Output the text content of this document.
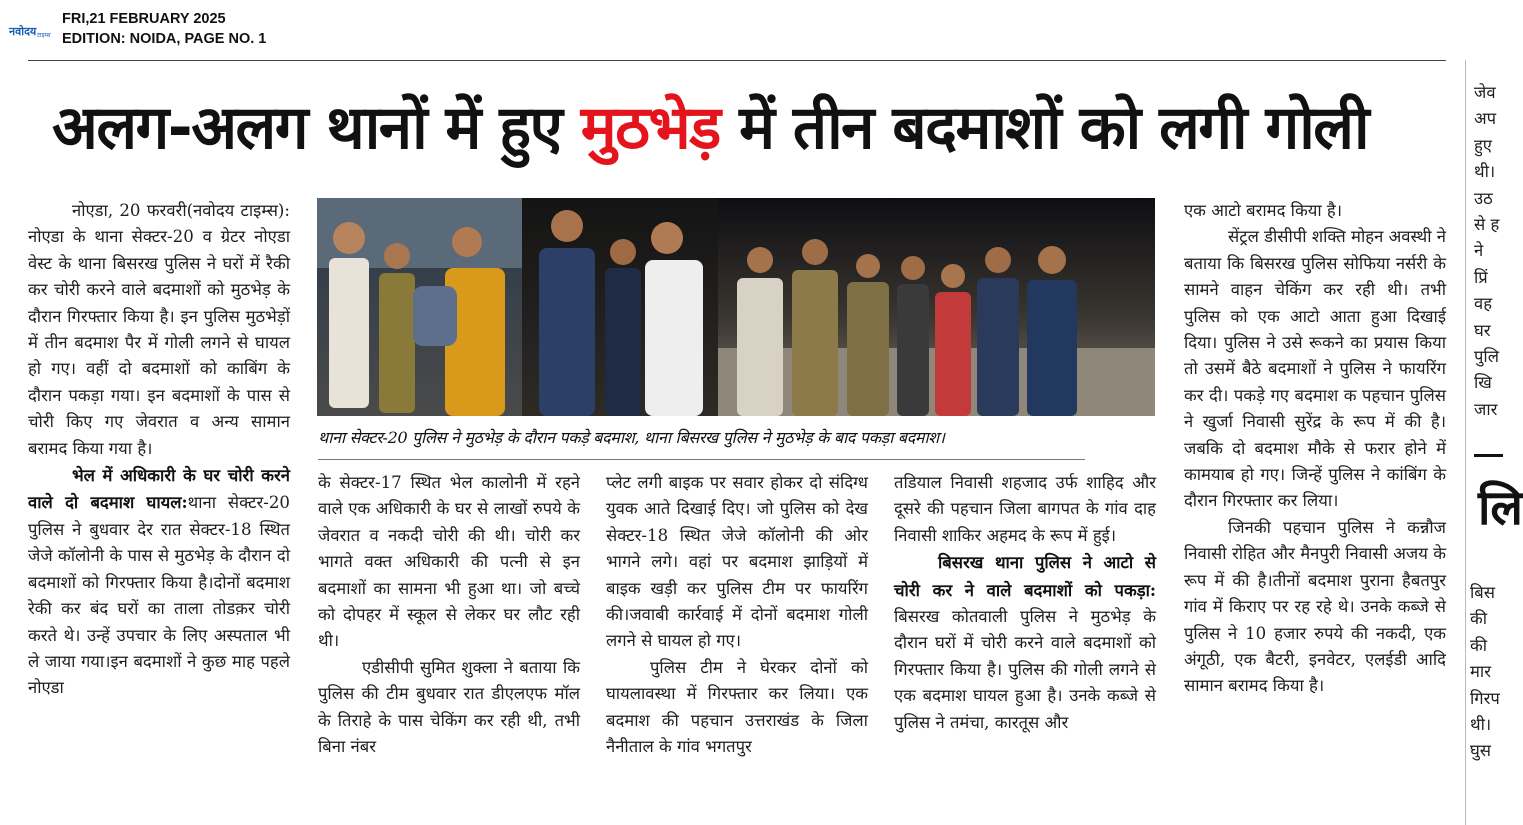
नवोदय टाइम्स
FRI,21 FEBRUARY 2025
EDITION: NOIDA, PAGE NO. 1
अलग-अलग थानों में हुए मुठभेड़ में तीन बदमाशों को लगी गोली

नोएडा, 20 फरवरी(नवोदय टाइम्स): नोएडा के थाना सेक्टर-20 व ग्रेटर नोएडा वेस्ट के थाना बिसरख पुलिस ने घरों में रैकी कर चोरी करने वाले बदमाशों को मुठभेड़ के दौरान गिरफ्तार किया है। इन पुलिस मुठभेड़ों में तीन बदमाश पैर में गोली लगने से घायल हो गए। वहीं दो बदमाशों को काबिंग के दौरान पकड़ा गया। इन बदमाशों के पास से चोरी किए गए जेवरात व अन्य सामान बरामद किया गया है।

भेल में अधिकारी के घर चोरी करने वाले दो बदमाश घायल:थाना सेक्टर-20 पुलिस ने बुधवार देर रात सेक्टर-18 स्थित जेजे कॉलोनी के पास से मुठभेड़ के दौरान दो बदमाशों को गिरफ्तार किया है।दोनों बदमाश रेकी कर बंद घरों का ताला तोडक़र चोरी करते थे। उन्हें उपचार के लिए अस्पताल भी ले जाया गया।इन बदमाशों ने कुछ माह पहले नोएडा

थाना सेक्टर-20 पुलिस ने मुठभेड़ के दौरान पकड़े बदमाश, थाना बिसरख पुलिस ने मुठभेड़ के बाद पकड़ा बदमाश।

के सेक्टर-17 स्थित भेल कालोनी में रहने वाले एक अधिकारी के घर से लाखों रुपये के जेवरात व नकदी चोरी की थी। चोरी कर भागते वक्त अधिकारी की पत्नी से इन बदमाशों का सामना भी हुआ था। जो बच्चे को दोपहर में स्कूल से लेकर घर लौट रही थी।

एडीसीपी सुमित शुक्ला ने बताया कि पुलिस की टीम बुधवार रात डीएलएफ मॉल के तिराहे के पास चेकिंग कर रही थी, तभी बिना नंबर

प्लेट लगी बाइक पर सवार होकर दो संदिग्ध युवक आते दिखाई दिए। जो पुलिस को देख सेक्टर-18 स्थित जेजे कॉलोनी की ओर भागने लगे। वहां पर बदमाश झाड़ियों में बाइक खड़ी कर पुलिस टीम पर फायरिंग की।जवाबी कार्रवाई में दोनों बदमाश गोली लगने से घायल हो गए।

पुलिस टीम ने घेरकर दोनों को घायलावस्था में गिरफ्तार कर लिया। एक बदमाश की पहचान उत्तराखंड के जिला नैनीताल के गांव भगतपुर

तडियाल निवासी शहजाद उर्फ शाहिद और दूसरे की पहचान जिला बागपत के गांव दाह निवासी शाकिर अहमद के रूप में हुई।

बिसरख थाना पुलिस ने आटो से चोरी कर ने वाले बदमाशों को पकड़ा: बिसरख कोतवाली पुलिस ने मुठभेड़ के दौरान घरों में चोरी करने वाले बदमाशों को गिरफ्तार किया है। पुलिस की गोली लगने से एक बदमाश घायल हुआ है। उनके कब्जे से पुलिस ने तमंचा, कारतूस और

एक आटो बरामद किया है।

सेंट्रल डीसीपी शक्ति मोहन अवस्थी ने बताया कि बिसरख पुलिस सोफिया नर्सरी के सामने वाहन चेकिंग कर रही थी। तभी पुलिस को एक आटो आता हुआ दिखाई दिया। पुलिस ने उसे रूकने का प्रयास किया तो उसमें बैठे बदमाशों ने पुलिस ने फायरिंग कर दी। पकड़े गए बदमाश क पहचान पुलिस ने खुर्जा निवासी सुरेंद्र के रूप में की है। जबकि दो बदमाश मौके से फरार होने में कामयाब हो गए। जिन्हें पुलिस ने कांबिंग के दौरान गिरफ्तार कर लिया।

जिनकी पहचान पुलिस ने कन्नौज निवासी रोहित और मैनपुरी निवासी अजय के रूप में की है।तीनों बदमाश पुराना हैबतपुर गांव में किराए पर रह रहे थे। उनके कब्जे से पुलिस ने 10 हजार रुपये की नकदी, एक अंगूठी, एक बैटरी, इनवेटर, एलईडी आदि सामान बरामद किया है।

जेव

अप

हुए

थी।

उठ

से ह

ने

प्रिं

वह

घर

पुलि

खि

जार

लि

बिस

की

की

मार

गिरप

थी।

घुस
